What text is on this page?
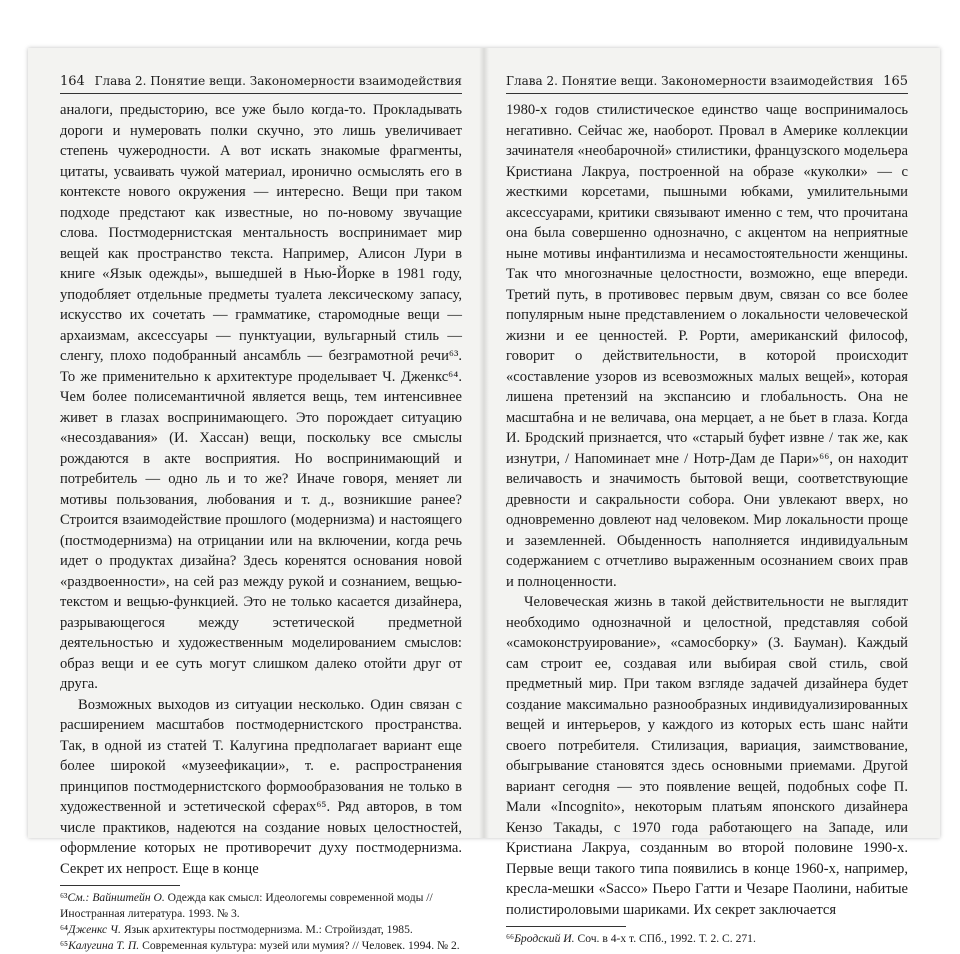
164 Глава 2. Понятие вещи. Закономерности взаимодействия

аналоги, предысторию, все уже было когда-то. Прокладывать дороги и нумеровать полки скучно, это лишь увеличивает степень чужеродности. А вот искать знакомые фрагменты, цитаты, усваивать чужой материал, иронично осмыслять его в контексте нового окружения — интересно. Вещи при таком подходе предстают как известные, но по-новому звучащие слова. Постмодернистская ментальность воспринимает мир вещей как пространство текста. Например, Алисон Лури в книге «Язык одежды», вышедшей в Нью-Йорке в 1981 году, уподобляет отдельные предметы туалета лексическому запасу, искусство их сочетать — грамматике, старомодные вещи — архаизмам, аксессуары — пунктуации, вульгарный стиль — сленгу, плохо подобранный ансамбль — безграмотной речи⁶³. То же применительно к архитектуре проделывает Ч. Дженкс⁶⁴. Чем более полисемантичной является вещь, тем интенсивнее живет в глазах воспринимающего. Это порождает ситуацию «несоздавания» (И. Хассан) вещи, поскольку все смыслы рождаются в акте восприятия. Но воспринимающий и потребитель — одно ль и то же? Иначе говоря, меняет ли мотивы пользования, любования и т. д., возникшие ранее? Строится взаимодействие прошлого (модернизма) и настоящего (постмодернизма) на отрицании или на включении, когда речь идет о продуктах дизайна? Здесь коренятся основания новой «раздвоенности», на сей раз между рукой и сознанием, вещью-текстом и вещью-функцией. Это не только касается дизайнера, разрывающегося между эстетической предметной деятельностью и художественным моделированием смыслов: образ вещи и ее суть могут слишком далеко отойти друг от друга.

Возможных выходов из ситуации несколько. Один связан с расширением масштабов постмодернистского пространства. Так, в одной из статей Т. Калугина предполагает вариант еще более широкой «музеефикации», т. е. распространения принципов постмодернистского формообразования не только в художественной и эстетической сферах⁶⁵. Ряд авторов, в том числе практиков, надеются на создание новых целостностей, оформление которых не противоречит духу постмодернизма. Секрет их непрост. Еще в конце

⁶³См.: Вайнштейн О. Одежда как смысл: Идеологемы современной моды // Иностранная литература. 1993. № 3.

⁶⁴Дженкс Ч. Язык архитектуры постмодернизма. М.: Стройиздат, 1985.

⁶⁵Калугина Т. П. Современная культура: музей или мумия? // Человек. 1994. № 2.

Глава 2. Понятие вещи. Закономерности взаимодействия 165

1980-х годов стилистическое единство чаще воспринималось негативно. Сейчас же, наоборот. Провал в Америке коллекции зачинателя «необарочной» стилистики, французского модельера Кристиана Лакруа, построенной на образе «куколки» — с жесткими корсетами, пышными юбками, умилительными аксессуарами, критики связывают именно с тем, что прочитана она была совершенно однозначно, с акцентом на неприятные ныне мотивы инфантилизма и несамостоятельности женщины. Так что многозначные целостности, возможно, еще впереди. Третий путь, в противовес первым двум, связан со все более популярным ныне представлением о локальности человеческой жизни и ее ценностей. Р. Рорти, американский философ, говорит о действительности, в которой происходит «составление узоров из всевозможных малых вещей», которая лишена претензий на экспансию и глобальность. Она не масштабна и не величава, она мерцает, а не бьет в глаза. Когда И. Бродский признается, что «старый буфет извне / так же, как изнутри, / Напоминает мне / Нотр-Дам де Пари»⁶⁶, он находит величавость и значимость бытовой вещи, соответствующие древности и сакральности собора. Они увлекают вверх, но одновременно довлеют над человеком. Мир локальности проще и заземленней. Обыденность наполняется индивидуальным содержанием с отчетливо выраженным осознанием своих прав и полноценности.

Человеческая жизнь в такой действительности не выглядит необходимо однозначной и целостной, представляя собой «самоконструирование», «самосборку» (З. Бауман). Каждый сам строит ее, создавая или выбирая свой стиль, свой предметный мир. При таком взгляде задачей дизайнера будет создание максимально разнообразных индивидуализированных вещей и интерьеров, у каждого из которых есть шанс найти своего потребителя. Стилизация, вариация, заимствование, обыгрывание становятся здесь основными приемами. Другой вариант сегодня — это появление вещей, подобных софе П. Мали «Incognito», некоторым платьям японского дизайнера Кензо Такады, с 1970 года работающего на Западе, или Кристиана Лакруа, созданным во второй половине 1990-х. Первые вещи такого типа появились в конце 1960-х, например, кресла-мешки «Sacco» Пьеро Гатти и Чезаре Паолини, набитые полистироловыми шариками. Их секрет заключается

⁶⁶Бродский И. Соч. в 4-х т. СПб., 1992. Т. 2. С. 271.
